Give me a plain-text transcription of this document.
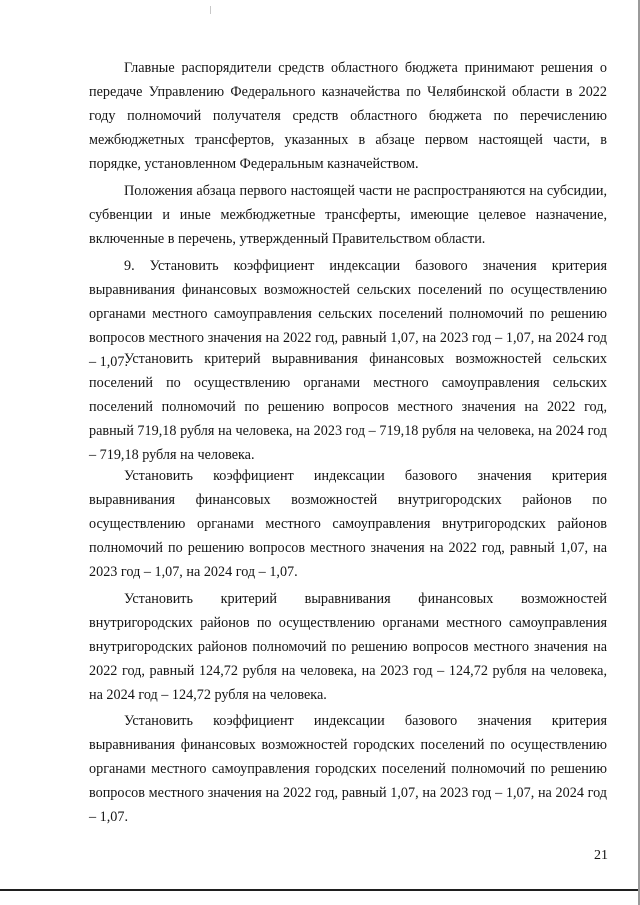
Главные распорядители средств областного бюджета принимают решения о передаче Управлению Федерального казначейства по Челябинской области в 2022 году полномочий получателя средств областного бюджета по перечислению межбюджетных трансфертов, указанных в абзаце первом настоящей части, в порядке, установленном Федеральным казначейством.

Положения абзаца первого настоящей части не распространяются на субсидии, субвенции и иные межбюджетные трансферты, имеющие целевое назначение, включенные в перечень, утвержденный Правительством области.

9. Установить коэффициент индексации базового значения критерия выравнивания финансовых возможностей сельских поселений по осуществлению органами местного самоуправления сельских поселений полномочий по решению вопросов местного значения на 2022 год, равный 1,07, на 2023 год – 1,07, на 2024 год – 1,07.

Установить критерий выравнивания финансовых возможностей сельских поселений по осуществлению органами местного самоуправления сельских поселений полномочий по решению вопросов местного значения на 2022 год, равный 719,18 рубля на человека, на 2023 год – 719,18 рубля на человека, на 2024 год – 719,18 рубля на человека.

Установить коэффициент индексации базового значения критерия выравнивания финансовых возможностей внутригородских районов по осуществлению органами местного самоуправления внутригородских районов полномочий по решению вопросов местного значения на 2022 год, равный 1,07, на 2023 год – 1,07, на 2024 год – 1,07.

Установить критерий выравнивания финансовых возможностей внутригородских районов по осуществлению органами местного самоуправления внутригородских районов полномочий по решению вопросов местного значения на 2022 год, равный 124,72 рубля на человека, на 2023 год – 124,72 рубля на человека, на 2024 год – 124,72 рубля на человека.

Установить коэффициент индексации базового значения критерия выравнивания финансовых возможностей городских поселений по осуществлению органами местного самоуправления городских поселений полномочий по решению вопросов местного значения на 2022 год, равный 1,07, на 2023 год – 1,07, на 2024 год – 1,07.

21
